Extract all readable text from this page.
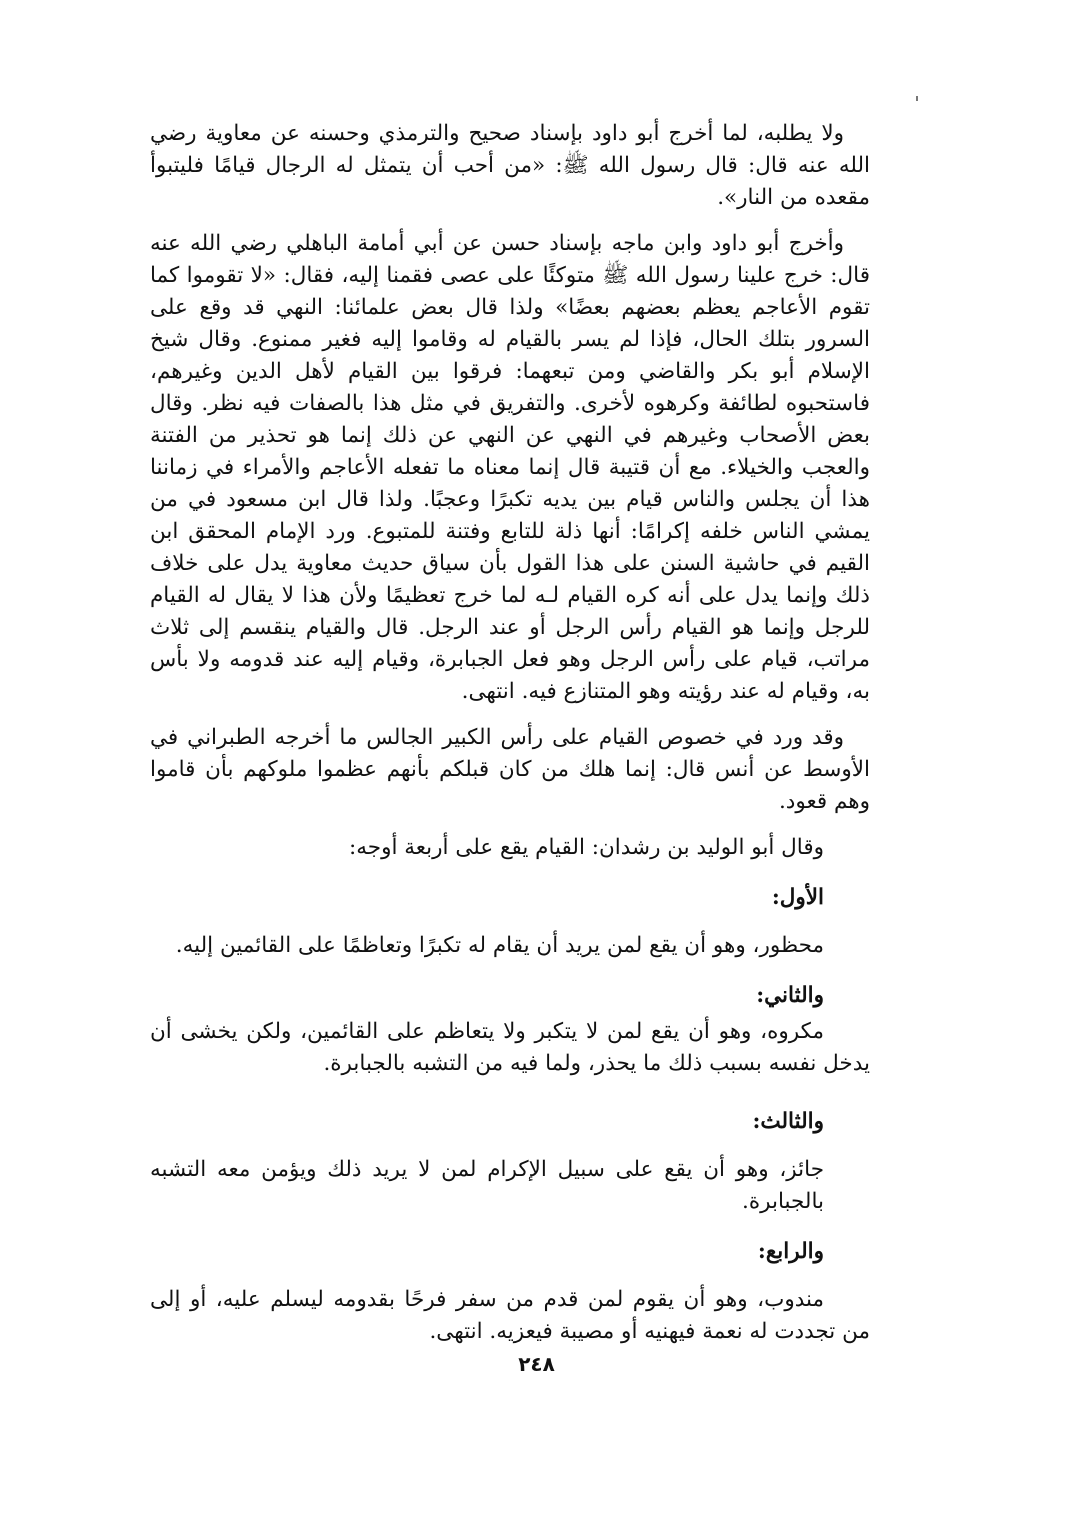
ولا يطلبه، لما أخرج أبو داود بإسناد صحيح والترمذي وحسنه عن معاوية رضي الله عنه قال: قال رسول الله ﷺ: «من أحب أن يتمثل له الرجال قيامًا فليتبوأ مقعده من النار».

وأخرج أبو داود وابن ماجه بإسناد حسن عن أبي أمامة الباهلي رضي الله عنه قال: خرج علينا رسول الله ﷺ متوكئًا على عصى فقمنا إليه، فقال: «لا تقوموا كما تقوم الأعاجم يعظم بعضهم بعضًا» ولذا قال بعض علمائنا: النهي قد وقع على السرور بتلك الحال، فإذا لم يسر بالقيام له وقاموا إليه فغير ممنوع. وقال شيخ الإسلام أبو بكر والقاضي ومن تبعهما: فرقوا بين القيام لأهل الدين وغيرهم، فاستحبوه لطائفة وكرهوه لأخرى. والتفريق في مثل هذا بالصفات فيه نظر. وقال بعض الأصحاب وغيرهم في النهي عن النهي عن ذلك إنما هو تحذير من الفتنة والعجب والخيلاء. مع أن قتيبة قال إنما معناه ما تفعله الأعاجم والأمراء في زماننا هذا أن يجلس والناس قيام بين يديه تكبرًا وعجبًا. ولذا قال ابن مسعود في من يمشي الناس خلفه إكرامًا: أنها ذلة للتابع وفتنة للمتبوع. ورد الإمام المحقق ابن القيم في حاشية السنن على هذا القول بأن سياق حديث معاوية يدل على خلاف ذلك وإنما يدل على أنه كره القيام لـه لما خرج تعظيمًا ولأن هذا لا يقال له القيام للرجل وإنما هو القيام رأس الرجل أو عند الرجل. قال والقيام ينقسم إلى ثلاث مراتب، قيام على رأس الرجل وهو فعل الجبابرة، وقيام إليه عند قدومه ولا بأس به، وقيام له عند رؤيته وهو المتنازع فيه. انتهى.

وقد ورد في خصوص القيام على رأس الكبير الجالس ما أخرجه الطبراني في الأوسط عن أنس قال: إنما هلك من كان قبلكم بأنهم عظموا ملوكهم بأن قاموا وهم قعود.

وقال أبو الوليد بن رشدان: القيام يقع على أربعة أوجه:

الأول:

محظور، وهو أن يقع لمن يريد أن يقام له تكبرًا وتعاظمًا على القائمين إليه.

والثاني:

مكروه، وهو أن يقع لمن لا يتكبر ولا يتعاظم على القائمين، ولكن يخشى أن يدخل نفسه بسبب ذلك ما يحذر، ولما فيه من التشبه بالجبابرة.

والثالث:

جائز، وهو أن يقع على سبيل الإكرام لمن لا يريد ذلك ويؤمن معه التشبه بالجبابرة.

والرابع:

مندوب، وهو أن يقوم لمن قدم من سفر فرحًا بقدومه ليسلم عليه، أو إلى من تجددت له نعمة فيهنيه أو مصيبة فيعزيه. انتهى.

٢٤٨
